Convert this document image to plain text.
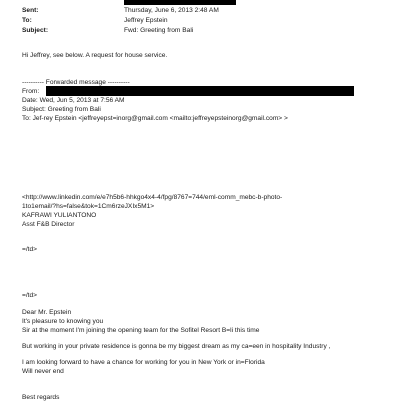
Sent:	Thursday, June 6, 2013 2:48 AM
To:	Jeffrey Epstein
Subject:	Fwd: Greeting from Bali
Hi Jeffrey, see below. A request for house service.
---------- Forwarded message ----------
From:
Date: Wed, Jun 5, 2013 at 7:56 AM
Subject: Greeting from Bali
To: Jef-rey Epstein <jeffreyepst=inorg@gmail.com <mailto:jeffreyepsteinorg@gmail.com> >
<http://www.linkedin.com/e/e7h5b6-hhkgo4x4-4/fpg/8767=744/eml-comm_mebc-b-photo-
1to1email/?hs=false&tok=1Cm6rzeJXIx5M1>
KAFRAWI YULIANTONO
Asst F&B Director
=/td>
=/td>
Dear Mr. Epstein
It's pleasure to knowing you
Sir at the moment I'm joining the opening team for the Sofitel Resort B=li this time
But working in your private residence is gonna be my biggest dream as my ca=een in hospitality Industry ,
I am looking forward to have a chance for working for you in New York or in=Florida
Will never end
Best regards
